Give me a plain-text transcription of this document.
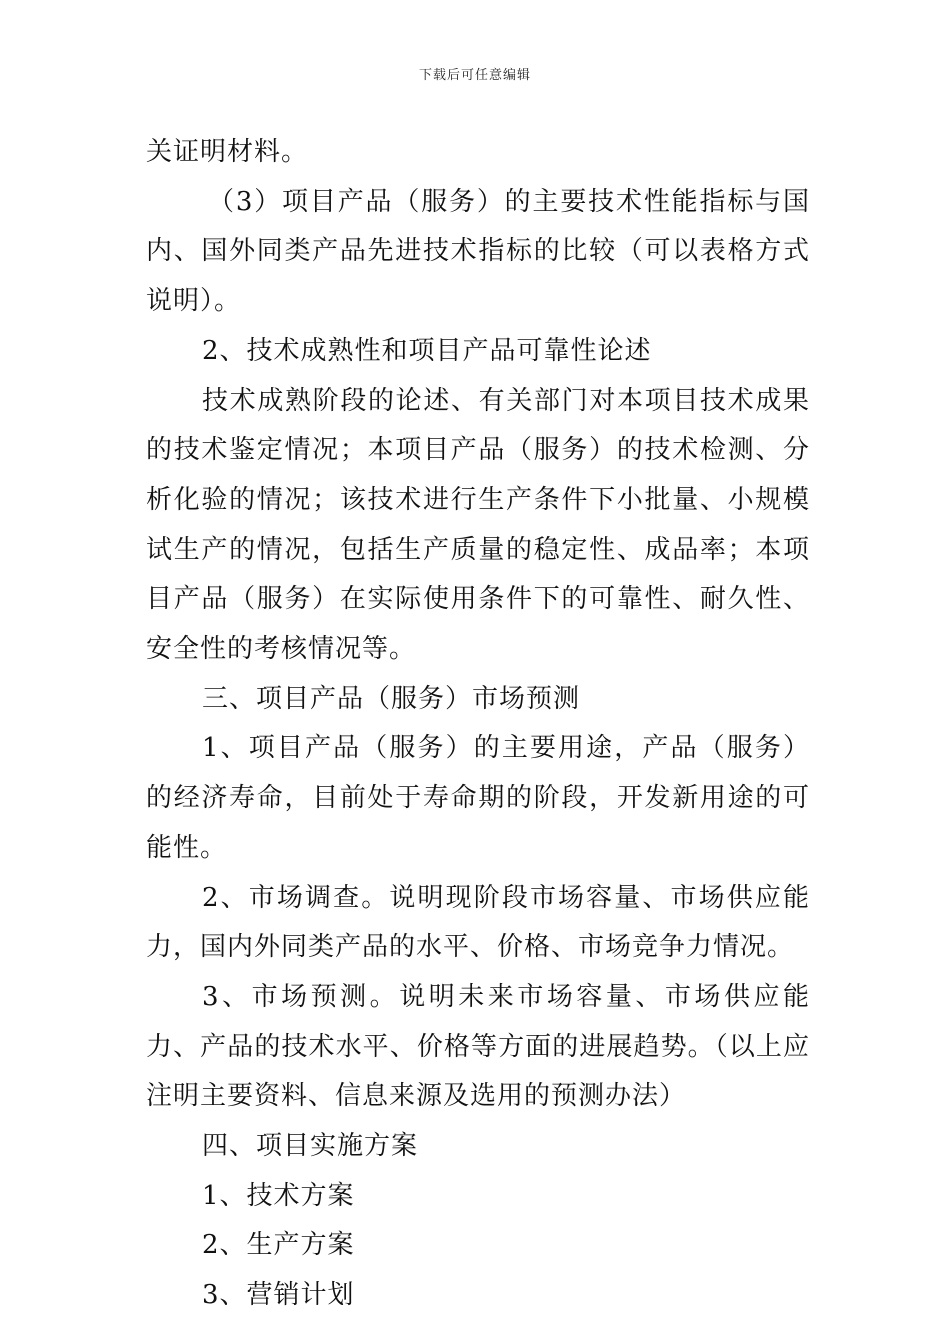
下载后可任意编辑

关证明材料。

（3）项目产品（服务）的主要技术性能指标与国内、国外同类产品先进技术指标的比较（可以表格方式说明）。

2、技术成熟性和项目产品可靠性论述

技术成熟阶段的论述、有关部门对本项目技术成果的技术鉴定情况；本项目产品（服务）的技术检测、分析化验的情况；该技术进行生产条件下小批量、小规模试生产的情况，包括生产质量的稳定性、成品率；本项目产品（服务）在实际使用条件下的可靠性、耐久性、安全性的考核情况等。

三、项目产品（服务）市场预测

1、项目产品（服务）的主要用途，产品（服务）的经济寿命，目前处于寿命期的阶段，开发新用途的可能性。

2、市场调查。说明现阶段市场容量、市场供应能力，国内外同类产品的水平、价格、市场竞争力情况。

3、市场预测。说明未来市场容量、市场供应能力、产品的技术水平、价格等方面的进展趋势。（以上应注明主要资料、信息来源及选用的预测办法）

四、项目实施方案

1、技术方案

2、生产方案

3、营销计划
